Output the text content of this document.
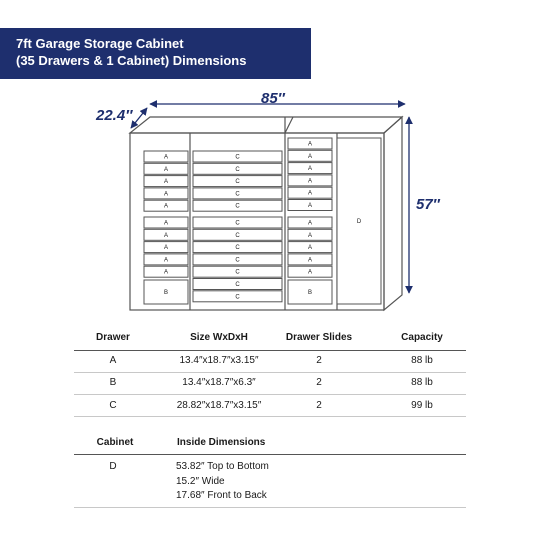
7ft Garage Storage Cabinet
(35 Drawers & 1 Cabinet) Dimensions
A
A
A
A
A
A
A
A
A
A
B
C
C
C
C
C
C
C
C
C
C
C
C
A
A
A
A
A
A
A
A
A
A
A
B
D
22.4″
85″
57″
Drawer	Size WxDxH	Drawer Slides	Capacity
A	13.4″x18.7″x3.15″	2	88 lb
B	13.4″x18.7″x6.3″	2	88 lb
C	28.82″x18.7″x3.15″	2	99 lb
Cabinet	Inside Dimensions
D	53.82″ Top to Bottom
15.2″ Wide
17.68″ Front to Back
